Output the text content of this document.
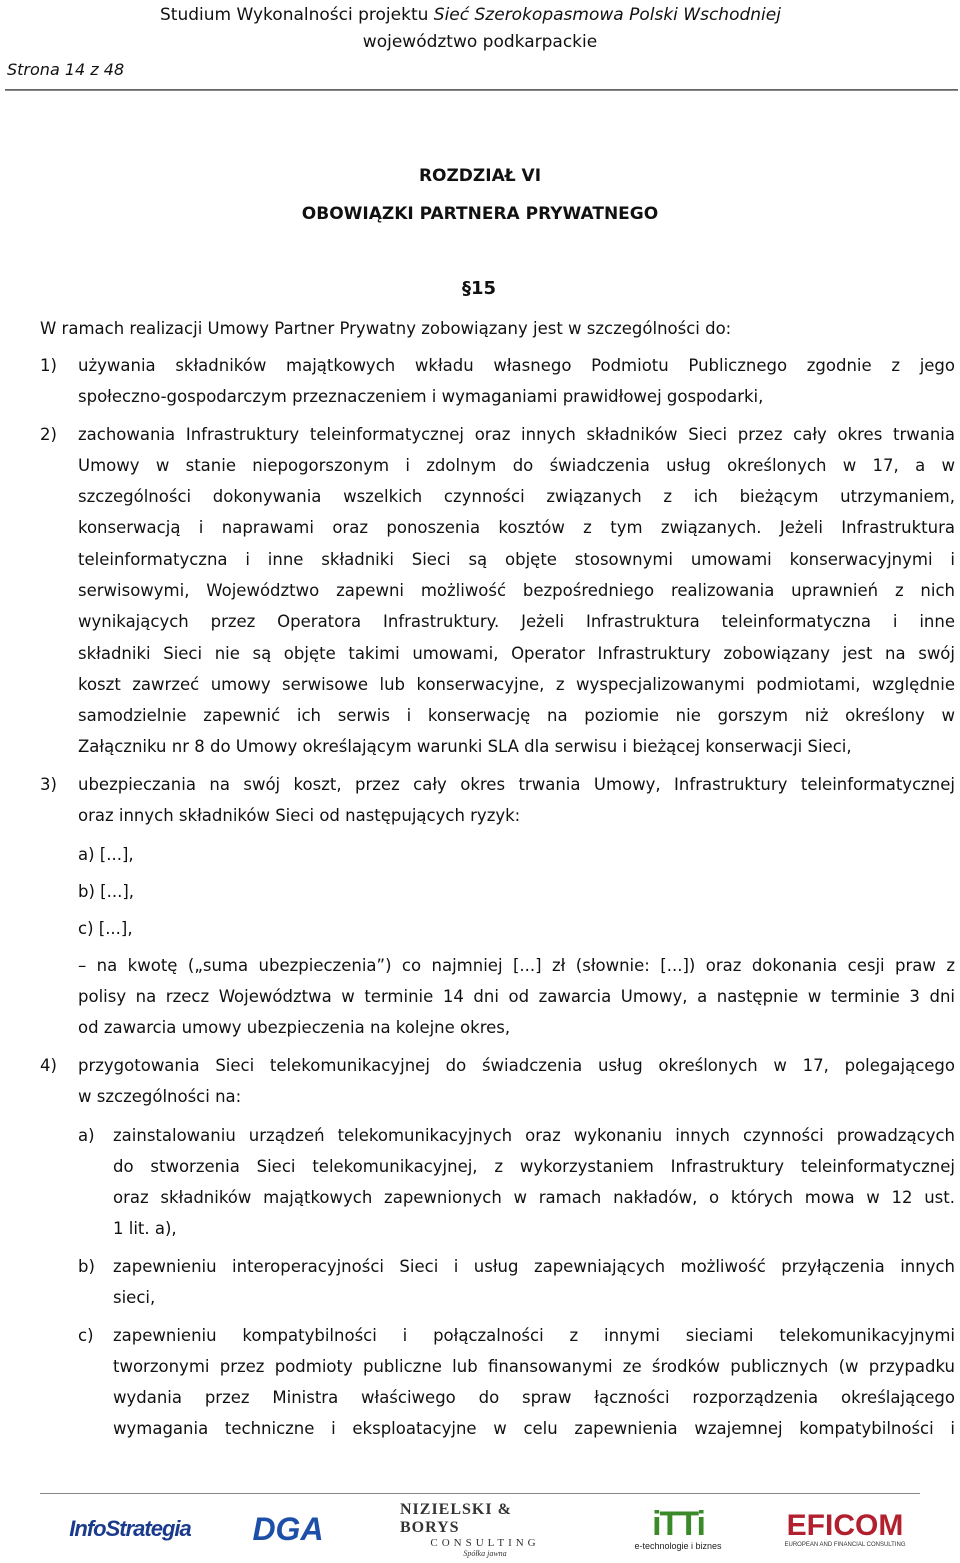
Studium Wykonalności projektu Sieć Szerokopasmowa Polski Wschodniej
województwo podkarpackie
Strona 14 z 48
ROZDZIAŁ VI
OBOWIĄZKI PARTNERA PRYWATNEGO
§15
W ramach realizacji Umowy Partner Prywatny zobowiązany jest w szczególności do:
1) używania składników majątkowych wkładu własnego Podmiotu Publicznego zgodnie z jego
społeczno-gospodarczym przeznaczeniem i wymaganiami prawidłowej gospodarki,
2) zachowania Infrastruktury teleinformatycznej oraz innych składników Sieci przez cały okres trwania
Umowy w stanie niepogorszonym i zdolnym do świadczenia usług określonych w 17, a w
szczególności dokonywania wszelkich czynności związanych z ich bieżącym utrzymaniem,
konserwacją i naprawami oraz ponoszenia kosztów z tym związanych. Jeżeli Infrastruktura
teleinformatyczna i inne składniki Sieci są objęte stosownymi umowami konserwacyjnymi i
serwisowymi, Województwo zapewni możliwość bezpośredniego realizowania uprawnień z nich
wynikających przez Operatora Infrastruktury. Jeżeli Infrastruktura teleinformatyczna i inne
składniki Sieci nie są objęte takimi umowami, Operator Infrastruktury zobowiązany jest na swój
koszt zawrzeć umowy serwisowe lub konserwacyjne, z wyspecjalizowanymi podmiotami, względnie
samodzielnie zapewnić ich serwis i konserwację na poziomie nie gorszym niż określony w
Załączniku nr 8 do Umowy określającym warunki SLA dla serwisu i bieżącej konserwacji Sieci,
3) ubezpieczania na swój koszt, przez cały okres trwania Umowy, Infrastruktury teleinformatycznej
oraz innych składników Sieci od następujących ryzyk:
a) [...],
b) [...],
c) [...],
– na kwotę („suma ubezpieczenia”) co najmniej [...] zł (słownie: [...]) oraz dokonania cesji praw z
polisy na rzecz Województwa w terminie 14 dni od zawarcia Umowy, a następnie w terminie 3 dni
od zawarcia umowy ubezpieczenia na kolejne okres,
4) przygotowania Sieci telekomunikacyjnej do świadczenia usług określonych w 17, polegającego
w szczególności na:
a) zainstalowaniu urządzeń telekomunikacyjnych oraz wykonaniu innych czynności prowadzących
do stworzenia Sieci telekomunikacyjnej, z wykorzystaniem Infrastruktury teleinformatycznej
oraz składników majątkowych zapewnionych w ramach nakładów, o których mowa w 12 ust.
1 lit. a),
b) zapewnieniu interoperacyjności Sieci i usług zapewniających możliwość przyłączenia innych
sieci,
c) zapewnieniu kompatybilności i połączalności z innymi sieciami telekomunikacyjnymi
tworzonymi przez podmioty publiczne lub finansowanymi ze środków publicznych (w przypadku
wydania przez Ministra właściwego do spraw łączności rozporządzenia określającego
wymagania techniczne i eksploatacyjne w celu zapewnienia wzajemnej kompatybilności i
InfoStrategia	DGA
NIZIELSKI & BORYS
CONSULTING
Spółka jawna
iTTi
e-technologie i biznes
EFICOM
EUROPEAN AND FINANCIAL CONSULTING
